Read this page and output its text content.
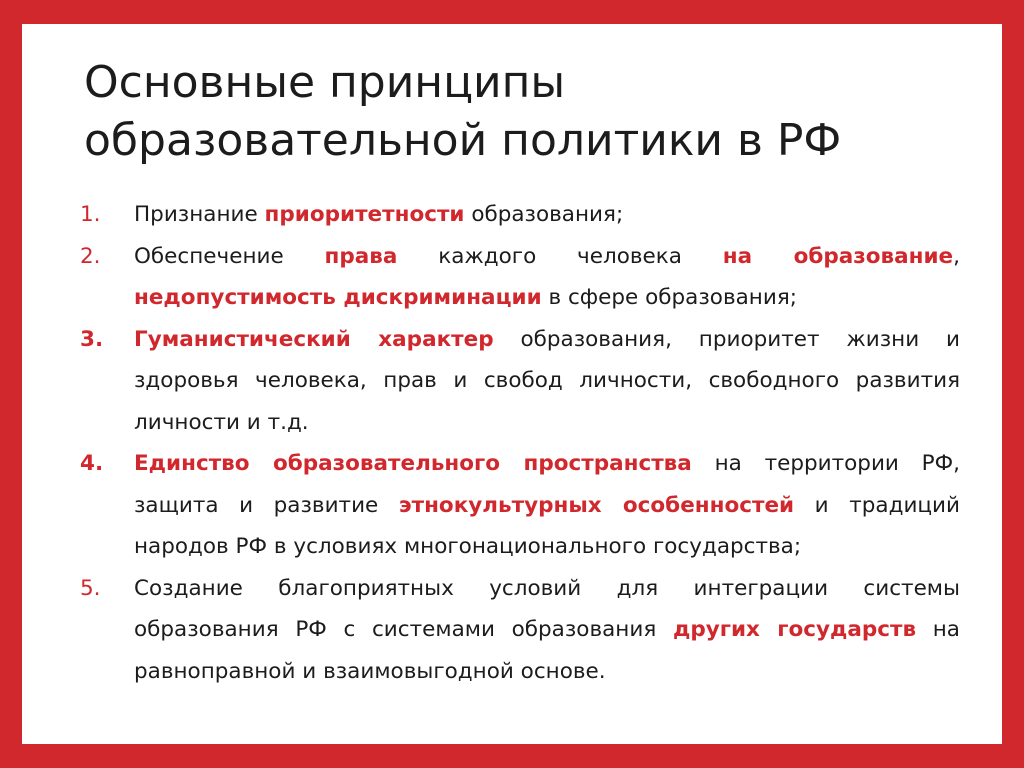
Основные принципы
образовательной политики в РФ
1. Признание приоритетности образования;
2. Обеспечение права каждого человека на образование, недопустимость дискриминации в сфере образования;
3. Гуманистический характер образования, приоритет жизни и здоровья человека, прав и свобод личности, свободного развития личности и т.д.
4. Единство образовательного пространства на территории РФ, защита и развитие этнокультурных особенностей и традиций народов РФ в условиях многонационального государства;
5. Создание благоприятных условий для интеграции системы образования РФ с системами образования других государств на равноправной и взаимовыгодной основе.
